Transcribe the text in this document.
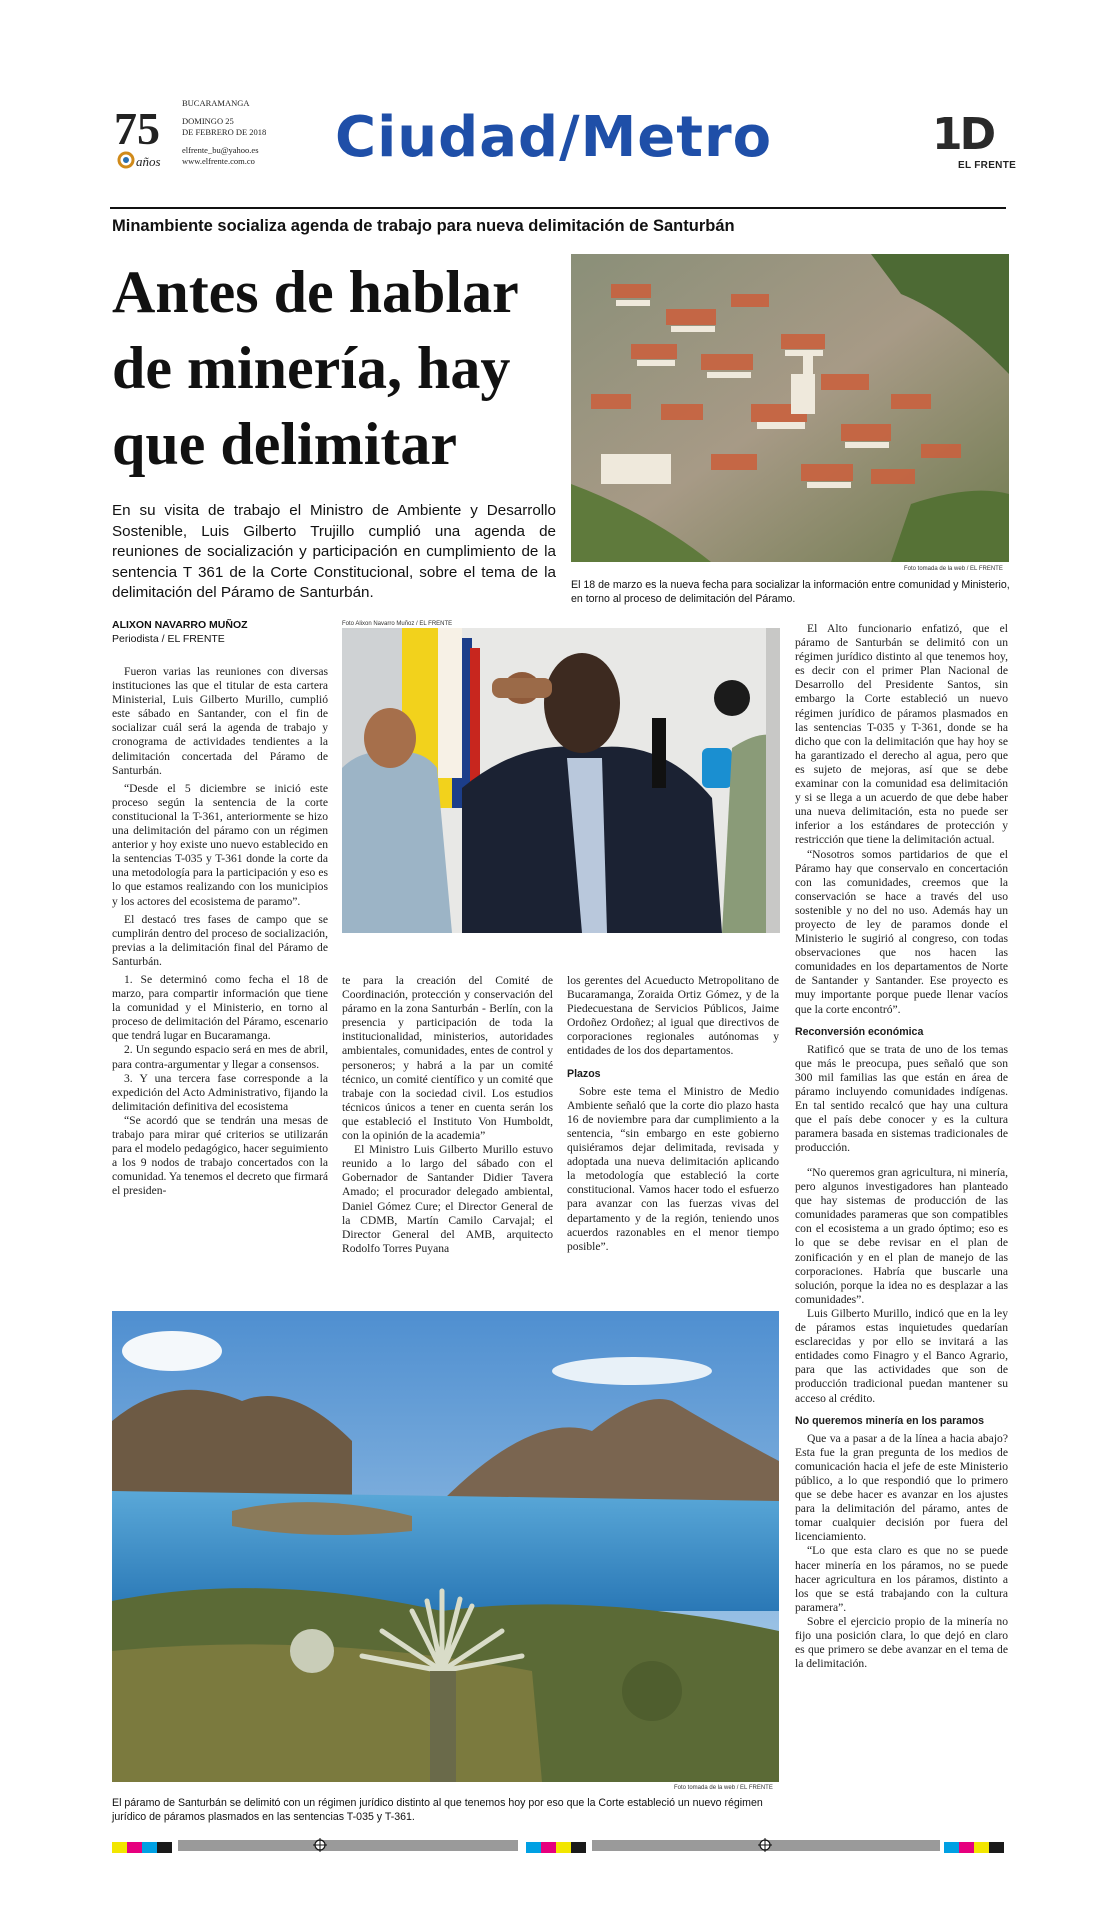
75
años
BUCARAMANGA
DOMINGO 25
DE FEBRERO DE 2018
elfrente_bu@yahoo.es
www.elfrente.com.co Ciudad/Metro	1D
EL FRENTE
Minambiente socializa agenda de trabajo para nueva delimitación de Santurbán
Antes de hablar de minería, hay que delimitar
En su visita de trabajo el Ministro de Ambiente y Desarrollo Sostenible, Luis Gilberto Trujillo cumplió una agenda de reuniones de socialización y participación en cumplimiento de la sentencia T 361 de la Corte Constitucional, sobre el tema de la delimitación del Páramo de Santurbán.
ALIXON NAVARRO MUÑOZ
Periodista / EL FRENTE
Foto tomada de la web / EL FRENTE
El 18 de marzo es la nueva fecha para socializar la información entre comunidad y Ministerio, en torno al proceso de delimitación del Páramo.
Foto Alixon Navarro Muñoz / EL FRENTE

Fueron varias las reuniones con diversas instituciones las que el titular de esta cartera Ministerial, Luis Gilberto Murillo, cumplió este sábado en Santander, con el fin de socializar cuál será la agenda de trabajo y cronograma de actividades tendientes a la delimitación concertada del Páramo de Santurbán.

“Desde el 5 diciembre se inició este proceso según la sentencia de la corte constitucional la T-361, anteriormente se hizo una delimitación del páramo con un régimen anterior y hoy existe uno nuevo establecido en la sentencias T-035 y T-361 donde la corte da una metodología para la participación y eso es lo que estamos realizando con los municipios y los actores del ecosistema de paramo”.

El destacó tres fases de campo que se cumplirán dentro del proceso de socialización, previas a la delimitación final del Páramo de Santurbán.

1. Se determinó como fecha el 18 de marzo, para compartir información que tiene la comunidad y el Ministerio, en torno al proceso de delimitación del Páramo, escenario que tendrá lugar en Bucaramanga.

2. Un segundo espacio será en mes de abril, para contra-argumentar y llegar a consensos.

3. Y una tercera fase corresponde a la expedición del Acto Administrativo, fijando la delimitación definitiva del ecosistema

“Se acordó que se tendrán una mesas de trabajo para mirar qué criterios se utilizarán para el modelo pedagógico, hacer seguimiento a los 9 nodos de trabajo concertados con la comunidad. Ya tenemos el decreto que firmará el presiden-

te para la creación del Comité de Coordinación, protección y conservación del páramo en la zona Santurbán - Berlín, con la presencia y participación de toda la institucionalidad, ministerios, autoridades ambientales, comunidades, entes de control y personeros; y habrá a la par un comité técnico, un comité científico y un comité que trabaje con la sociedad civil. Los estudios técnicos únicos a tener en cuenta serán los que estableció el Instituto Von Humboldt, con la opinión de la academia”

El Ministro Luis Gilberto Murillo estuvo reunido a lo largo del sábado con el Gobernador de Santander Didier Tavera Amado; el procurador delegado ambiental, Daniel Gómez Cure; el Director General de la CDMB, Martín Camilo Carvajal; el Director General del AMB, arquitecto Rodolfo Torres Puyana

los gerentes del Acueducto Metropolitano de Bucaramanga, Zoraida Ortiz Gómez, y de la Piedecuestana de Servicios Públicos, Jaime Ordoñez Ordoñez; al igual que directivos de corporaciones regionales autónomas y entidades de los dos departamentos.

Plazos

Sobre este tema el Ministro de Medio Ambiente señaló que la corte dio plazo hasta 16 de noviembre para dar cumplimiento a la sentencia, “sin embargo en este gobierno quisiéramos dejar delimitada, revisada y adoptada una nueva delimitación aplicando la metodología que estableció la corte constitucional. Vamos hacer todo el esfuerzo para avanzar con las fuerzas vivas del departamento y de la región, teniendo unos acuerdos razonables en el menor tiempo posible”.

El Alto funcionario enfatizó, que el páramo de Santurbán se delimitó con un régimen jurídico distinto al que tenemos hoy, es decir con el primer Plan Nacional de Desarrollo del Presidente Santos, sin embargo la Corte estableció un nuevo régimen jurídico de páramos plasmados en las sentencias T-035 y T-361, donde se ha dicho que con la delimitación que hay hoy se ha garantizado el derecho al agua, pero que es sujeto de mejoras, así que se debe examinar con la comunidad esa delimitación y si se llega a un acuerdo de que debe haber una nueva delimitación, esta no puede ser inferior a los estándares de protección y restricción que tiene la delimitación actual.

“Nosotros somos partidarios de que el Páramo hay que conservalo en concertación con las comunidades, creemos que la conservación se hace a través del uso sostenible y no del no uso. Además hay un proyecto de ley de paramos donde el Ministerio le sugirió al congreso, con todas observaciones que nos hacen las comunidades en los departamentos de Norte de Santander y Santander. Ese proyecto es muy importante porque puede llenar vacíos que la corte encontró”.

Reconversión económica

Ratificó que se trata de uno de los temas que más le preocupa, pues señaló que son 300 mil familias las que están en área de páramo incluyendo comunidades indígenas. En tal sentido recalcó que hay una cultura que el país debe conocer y es la cultura paramera basada en sistemas tradicionales de producción.

“No queremos gran agricultura, ni minería, pero algunos investigadores han planteado que hay sistemas de producción de las comunidades parameras que son compatibles con el ecosistema a un grado óptimo; eso es lo que se debe revisar en el plan de zonificación y en el plan de manejo de las corporaciones. Habría que buscarle una solución, porque la idea no es desplazar a las comunidades”.

Luis Gilberto Murillo, indicó que en la ley de páramos estas inquietudes quedarían esclarecidas y por ello se invitará a las entidades como Finagro y el Banco Agrario, para que las actividades que son de producción tradicional puedan mantener su acceso al crédito.

No queremos minería en los paramos

Que va a pasar a de la línea a hacia abajo? Esta fue la gran pregunta de los medios de comunicación hacia el jefe de este Ministerio público, a lo que respondió que lo primero que se debe hacer es avanzar en los ajustes para la delimitación del páramo, antes de tomar cualquier decisión por fuera del licenciamiento.

“Lo que esta claro es que no se puede hacer minería en los páramos, no se puede hacer agricultura en los páramos, distinto a los que se está trabajando con la cultura paramera”.

Sobre el ejercicio propio de la minería no fijo una posición clara, lo que dejó en claro es que primero se debe avanzar en el tema de la delimitación.

Foto tomada de la web / EL FRENTE
El páramo de Santurbán se delimitó con un régimen jurídico distinto al que tenemos hoy por eso que la Corte estableció un nuevo régimen jurídico de páramos plasmados en las sentencias T-035 y T-361.
